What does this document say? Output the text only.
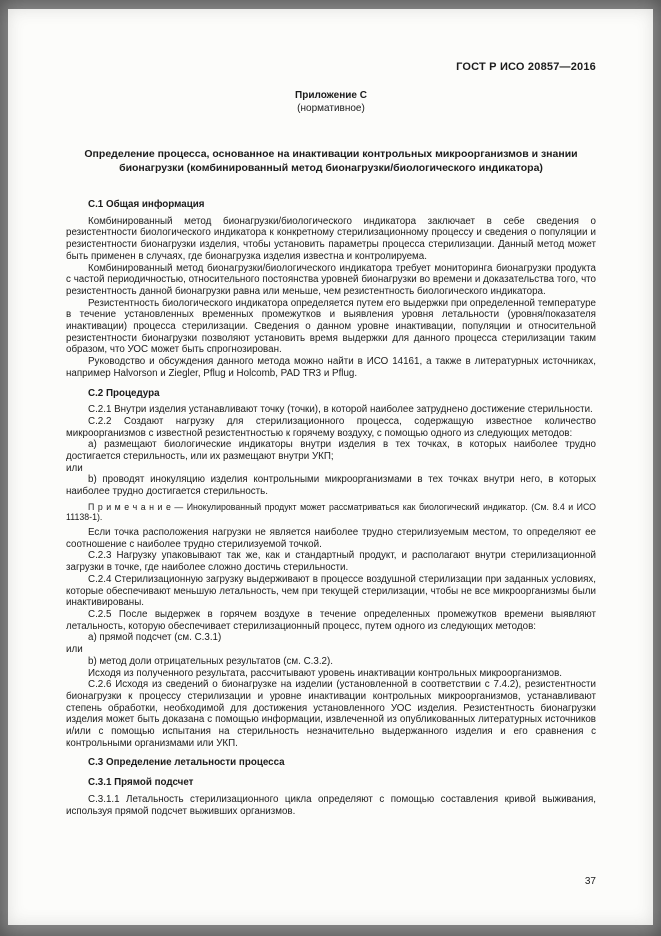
ГОСТ Р ИСО 20857—2016
Приложение С
(нормативное)
Определение процесса, основанное на инактивации контрольных микроорганизмов и знании бионагрузки (комбинированный метод бионагрузки/биологического индикатора)
С.1 Общая информация
Комбинированный метод бионагрузки/биологического индикатора заключает в себе сведения о резистентности биологического индикатора к конкретному стерилизационному процессу и сведения о популяции и резистентности бионагрузки изделия, чтобы установить параметры процесса стерилизации. Данный метод может быть применен в случаях, где бионагрузка изделия известна и контролируема.
Комбинированный метод бионагрузки/биологического индикатора требует мониторинга бионагрузки продукта с частой периодичностью, относительного постоянства уровней бионагрузки во времени и доказательства того, что резистентность данной бионагрузки равна или меньше, чем резистентность биологического индикатора.
Резистентность биологического индикатора определяется путем его выдержки при определенной температуре в течение установленных временных промежутков и выявления уровня летальности (уровня/показателя инактивации) процесса стерилизации. Сведения о данном уровне инактивации, популяции и относительной резистентности бионагрузки позволяют установить время выдержки для данного процесса стерилизации таким образом, что УОС может быть спрогнозирован.
Руководство и обсуждения данного метода можно найти в ИСО 14161, а также в литературных источниках, например Halvorson и Ziegler, Pflug и Holcomb, PAD TR3 и Pflug.
С.2 Процедура
С.2.1 Внутри изделия устанавливают точку (точки), в которой наиболее затруднено достижение стерильности.
С.2.2 Создают нагрузку для стерилизационного процесса, содержащую известное количество микроорганизмов с известной резистентностью к горячему воздуху, с помощью одного из следующих методов:
а) размещают биологические индикаторы внутри изделия в тех точках, в которых наиболее трудно достигается стерильность, или их размещают внутри УКП;
или
b) проводят инокуляцию изделия контрольными микроорганизмами в тех точках внутри него, в которых наиболее трудно достигается стерильность.
П р и м е ч а н и е — Инокулированный продукт может рассматриваться как биологический индикатор. (См. 8.4 и ИСО 11138-1).
Если точка расположения нагрузки не является наиболее трудно стерилизуемым местом, то определяют ее соотношение с наиболее трудно стерилизуемой точкой.
С.2.3 Нагрузку упаковывают так же, как и стандартный продукт, и располагают внутри стерилизационной загрузки в точке, где наиболее сложно достичь стерильности.
С.2.4 Стерилизационную загрузку выдерживают в процессе воздушной стерилизации при заданных условиях, которые обеспечивают меньшую летальность, чем при текущей стерилизации, чтобы не все микроорганизмы были инактивированы.
С.2.5 После выдержек в горячем воздухе в течение определенных промежутков времени выявляют летальность, которую обеспечивает стерилизационный процесс, путем одного из следующих методов:
а) прямой подсчет (см. С.3.1)
или
b) метод доли отрицательных результатов (см. С.3.2).
Исходя из полученного результата, рассчитывают уровень инактивации контрольных микроорганизмов.
С.2.6 Исходя из сведений о бионагрузке на изделии (установленной в соответствии с 7.4.2), резистентности бионагрузки к процессу стерилизации и уровне инактивации контрольных микроорганизмов, устанавливают степень обработки, необходимой для достижения установленного УОС изделия. Резистентность бионагрузки изделия может быть доказана с помощью информации, извлеченной из опубликованных литературных источников и/или с помощью испытания на стерильность незначительно выдержанного изделия и его сравнения с контрольными организмами или УКП.
С.3 Определение летальности процесса
С.3.1 Прямой подсчет
С.3.1.1 Летальность стерилизационного цикла определяют с помощью составления кривой выживания, используя прямой подсчет выживших организмов.
37
